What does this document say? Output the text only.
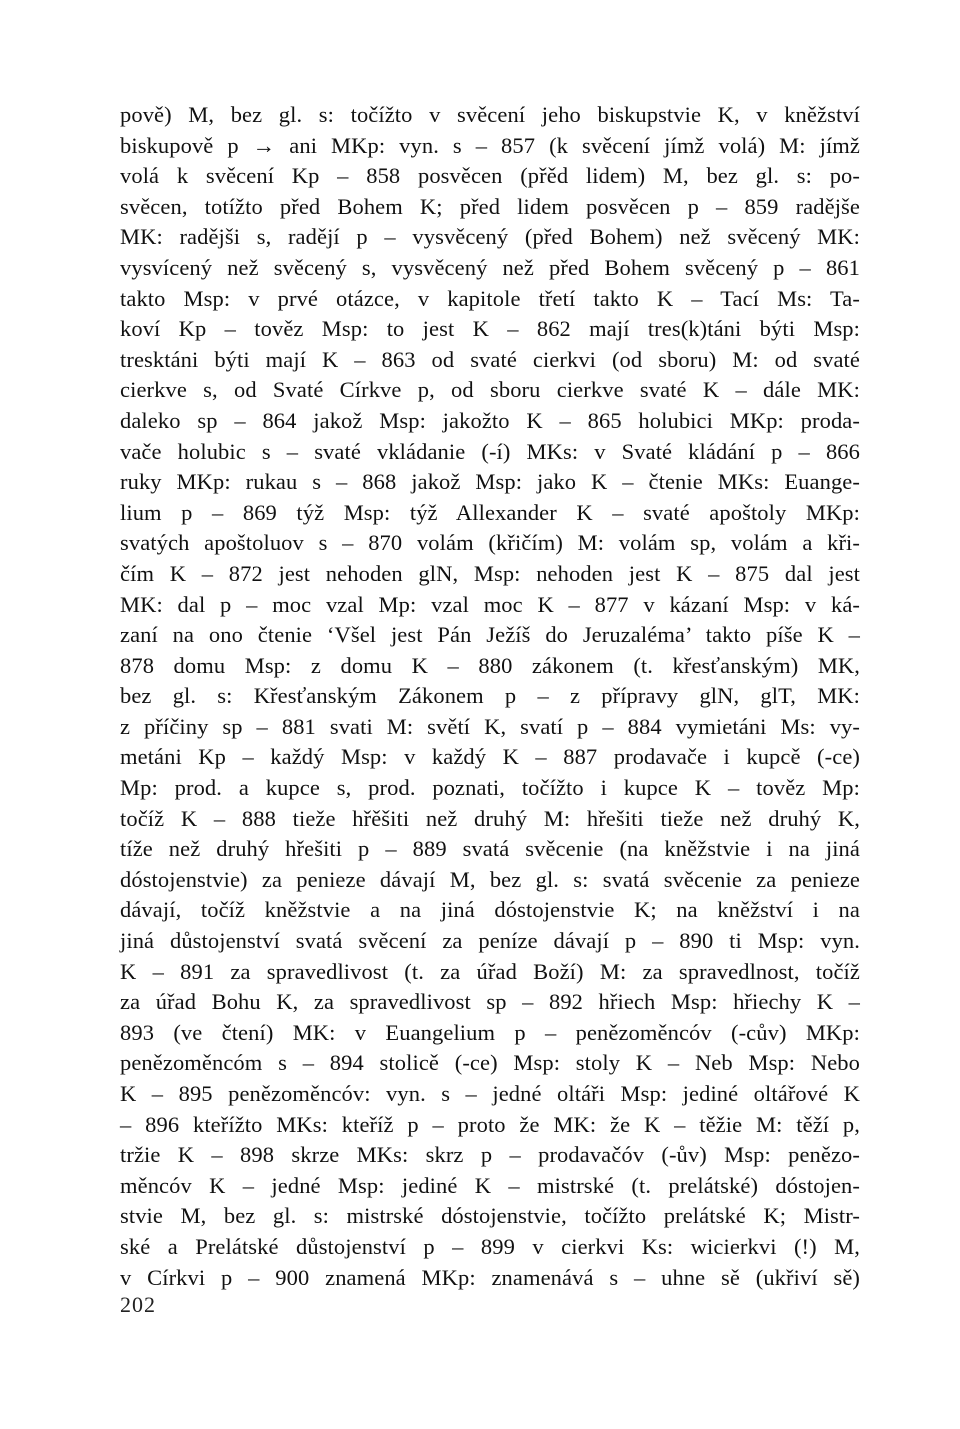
pově) M, bez gl. s: točížto v svěcení jeho biskupstvie K, v kněžství
biskupově p → ani MKp: vyn. s – 857 (k svěcení jímž volá) M: jímž
volá k svěcení Kp – 858 posvěcen (přěd lidem) M, bez gl. s: po-
svěcen, totížto před Bohem K; před lidem posvěcen p – 859 radějše
MK: radějši s, radějí p – vysvěcený (před Bohem) než svěcený MK:
vysvícený než svěcený s, vysvěcený než před Bohem svěcený p – 861
takto Msp: v prvé otázce, v kapitole třetí takto K – Tací Ms: Ta-
koví Kp – tověz Msp: to jest K – 862 mají tres(k)táni býti Msp:
tresktáni býti mají K – 863 od svaté cierkvi (od sboru) M: od svaté
cierkve s, od Svaté Církve p, od sboru cierkve svaté K – dále MK:
daleko sp – 864 jakož Msp: jakožto K – 865 holubici MKp: proda-
vače holubic s – svaté vkládanie (-í) MKs: v Svaté kládání p – 866
ruky MKp: rukau s – 868 jakož Msp: jako K – čtenie MKs: Euange-
lium p – 869 týž Msp: týž Allexander K – svaté apoštoly MKp:
svatých apoštoluov s – 870 volám (křičím) M: volám sp, volám a kři-
čím K – 872 jest nehoden glN, Msp: nehoden jest K – 875 dal jest
MK: dal p – moc vzal Mp: vzal moc K – 877 v kázaní Msp: v ká-
zaní na ono čtenie ‘Všel jest Pán Ježíš do Jeruzaléma’ takto píše K –
878 domu Msp: z domu K – 880 zákonem (t. křesťanským) MK,
bez gl. s: Křesťanským Zákonem p – z přípravy glN, glT, MK:
z příčiny sp – 881 svati M: světí K, svatí p – 884 vymietáni Ms: vy-
metáni Kp – každý Msp: v každý K – 887 prodavače i kupcě (-ce)
Mp: prod. a kupce s, prod. poznati, točížto i kupce K – tověz Mp:
točíž K – 888 tieže hřěšiti než druhý M: hřešiti tieže než druhý K,
tíže než druhý hřešiti p – 889 svatá svěcenie (na kněžstvie i na jiná
dóstojenstvie) za penieze dávají M, bez gl. s: svatá svěcenie za penieze
dávají, točíž kněžstvie a na jiná dóstojenstvie K; na kněžství i na
jiná důstojenství svatá svěcení za peníze dávají p – 890 ti Msp: vyn.
K – 891 za spravedlivost (t. za úřad Boží) M: za spravedlnost, točíž
za úřad Bohu K, za spravedlivost sp – 892 hřiech Msp: hřiechy K –
893 (ve čtení) MK: v Euangelium p – penězoměncóv (-cův) MKp:
penězoměncóm s – 894 stolicě (-ce) Msp: stoly K – Neb Msp: Nebo
K – 895 penězoměncóv: vyn. s – jedné oltáři Msp: jediné oltářové K
– 896 kteřížto MKs: kteříž p – proto že MK: že K – těžie M: těží p,
tržie K – 898 skrze MKs: skrz p – prodavačóv (-ův) Msp: penězo-
měncóv K – jedné Msp: jediné K – mistrské (t. prelátské) dóstojen-
stvie M, bez gl. s: mistrské dóstojenstvie, točížto prelátské K; Mistr-
ské a Prelátské důstojenství p – 899 v cierkvi Ks: wicierkvi (!) M,
v Církvi p – 900 znamená MKp: znamenává s – uhne sě (ukřiví sě)
202
